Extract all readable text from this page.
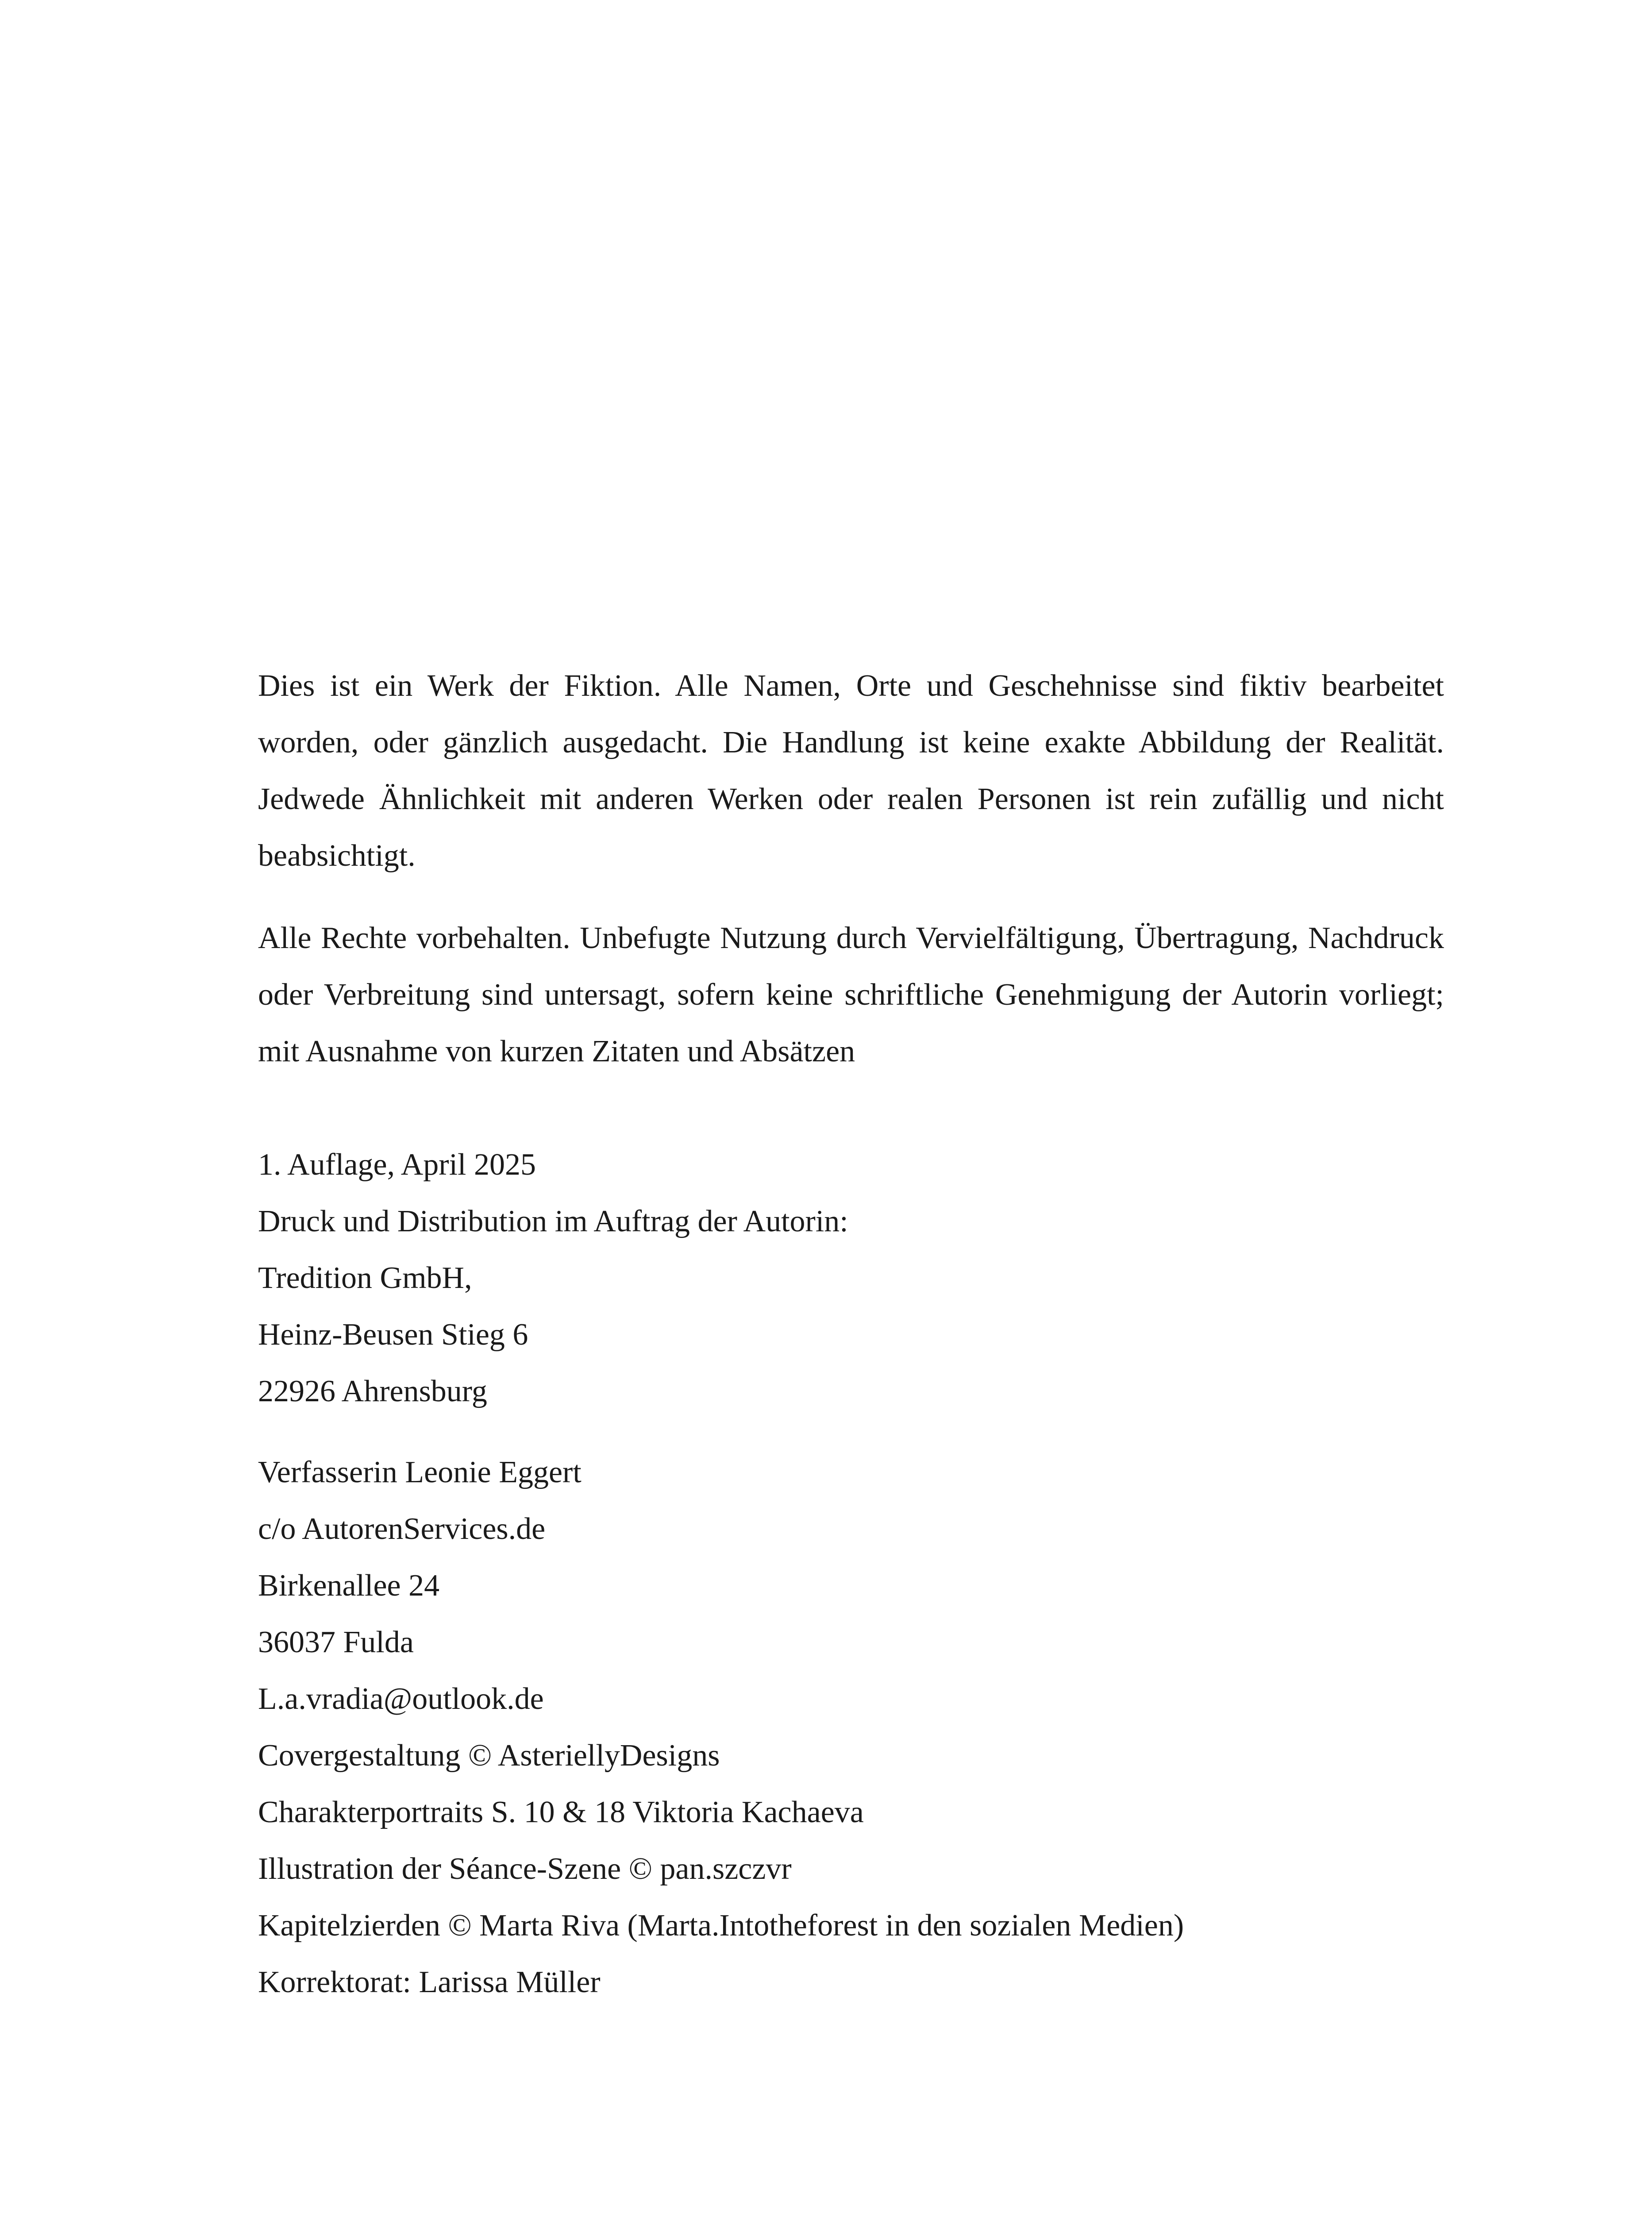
Dies ist ein Werk der Fiktion. Alle Namen, Orte und Geschehnisse sind fiktiv bearbeitet worden, oder gänzlich ausgedacht. Die Handlung ist keine exakte Abbildung der Realität. Jedwede Ähnlichkeit mit anderen Werken oder realen Personen ist rein zufällig und nicht beabsichtigt.

Alle Rechte vorbehalten. Unbefugte Nutzung durch Vervielfältigung, Übertragung, Nachdruck oder Verbreitung sind untersagt, sofern keine schriftliche Genehmigung der Autorin vorliegt; mit Ausnahme von kurzen Zitaten und Absätzen

1. Auflage, April 2025
Druck und Distribution im Auftrag der Autorin:
Tredition GmbH,
Heinz-Beusen Stieg 6
22926 Ahrensburg
Verfasserin Leonie Eggert
c/o AutorenServices.de
Birkenallee 24
36037 Fulda
L.a.vradia@outlook.de
Covergestaltung © AsteriellyDesigns
Charakterportraits S. 10 & 18 Viktoria Kachaeva
Illustration der Séance-Szene © pan.szczvr
Kapitelzierden © Marta Riva (Marta.Intotheforest in den sozialen Medien)
Korrektorat: Larissa Müller
